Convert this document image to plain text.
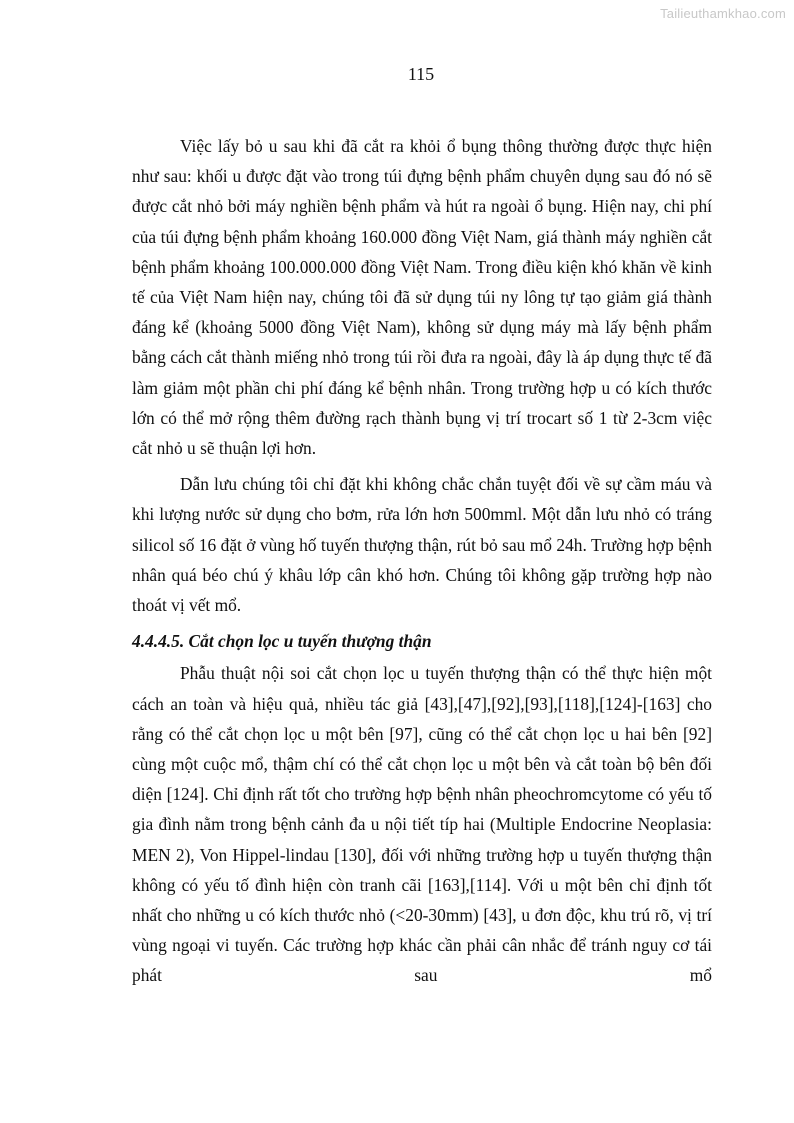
Tailieuthamkhao.com
115

Việc lấy bỏ u sau khi đã cắt ra khỏi ổ bụng thông thường được thực hiện như sau: khối u được đặt vào trong túi đựng bệnh phẩm chuyên dụng sau đó nó sẽ được cắt nhỏ bởi máy nghiền bệnh phẩm và hút ra ngoài ổ bụng. Hiện nay, chi phí của túi đựng bệnh phẩm khoảng 160.000 đồng Việt Nam, giá thành máy nghiền cắt bệnh phẩm khoảng 100.000.000 đồng Việt Nam. Trong điều kiện khó khăn về kinh tế của Việt Nam hiện nay, chúng tôi đã sử dụng túi ny lông tự tạo giảm giá thành đáng kể (khoảng 5000 đồng Việt Nam), không sử dụng máy mà lấy bệnh phẩm bằng cách cắt thành miếng nhỏ trong túi rồi đưa ra ngoài, đây là áp dụng thực tế đã làm giảm một phần chi phí đáng kể bệnh nhân. Trong trường hợp u có kích thước lớn có thể mở rộng thêm đường rạch thành bụng vị trí trocart số 1 từ 2-3cm việc cắt nhỏ u sẽ thuận lợi hơn.

Dẫn lưu chúng tôi chỉ đặt khi không chắc chắn tuyệt đối về sự cầm máu và khi lượng nước sử dụng cho bơm, rửa lớn hơn 500mml. Một dẫn lưu nhỏ có tráng silicol số 16 đặt ở vùng hố tuyến thượng thận, rút bỏ sau mổ 24h. Trường hợp bệnh nhân quá béo chú ý khâu lớp cân khó hơn. Chúng tôi không gặp trường hợp nào thoát vị vết mổ.

4.4.4.5. Cắt chọn lọc u tuyến thượng thận

Phẫu thuật nội soi cắt chọn lọc u tuyến thượng thận có thể thực hiện một cách an toàn và hiệu quả, nhiều tác giả [43],[47],[92],[93],[118],[124]-[163] cho rằng có thể cắt chọn lọc u một bên [97], cũng có thể cắt chọn lọc u hai bên [92] cùng một cuộc mổ, thậm chí có thể cắt chọn lọc u một bên và cắt toàn bộ bên đối diện [124]. Chỉ định rất tốt cho trường hợp bệnh nhân pheochromcytome có yếu tố gia đình nằm trong bệnh cảnh đa u nội tiết típ hai (Multiple Endocrine Neoplasia: MEN 2), Von Hippel-lindau [130], đối với những trường hợp u tuyến thượng thận không có yếu tố đình hiện còn tranh cãi [163],[114]. Với u một bên chỉ định tốt nhất cho những u có kích thước nhỏ (<20-30mm) [43], u đơn độc, khu trú rõ, vị trí vùng ngoại vi tuyến. Các trường hợp khác cần phải cân nhắc để tránh nguy cơ tái phát sau mổ
